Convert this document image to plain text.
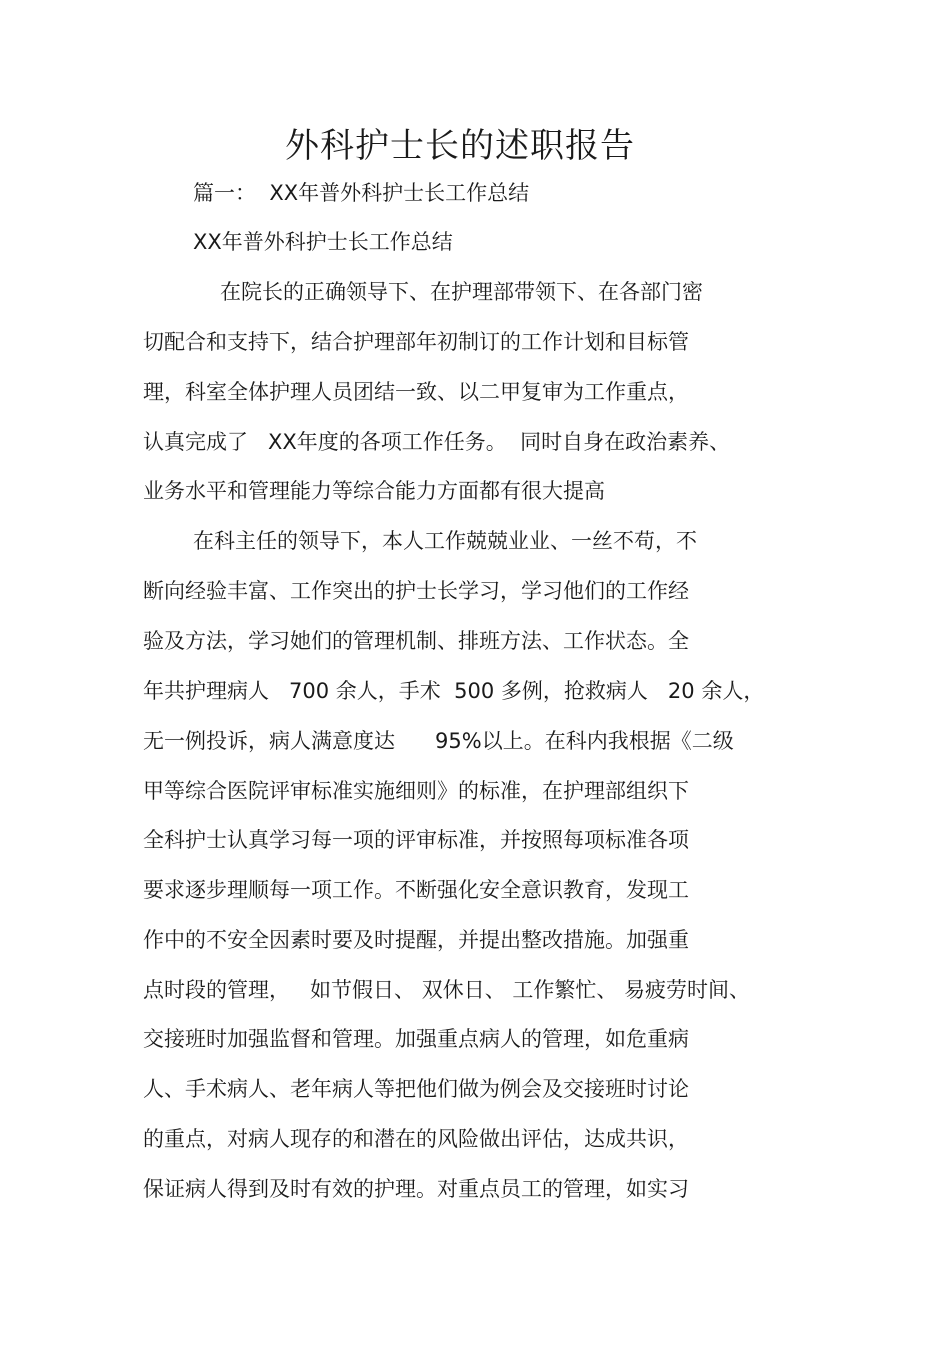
外科护士长的述职报告

篇一：  XX年普外科护士长工作总结

XX年普外科护士长工作总结

在院长的正确领导下、在护理部带领下、在各部门密

切配合和支持下，结合护理部年初制订的工作计划和目标管

理，科室全体护理人员团结一致、以二甲复审为工作重点，

认真完成了   XX年度的各项工作任务。  同时自身在政治素养、

业务水平和管理能力等综合能力方面都有很大提高

在科主任的领导下，本人工作兢兢业业、一丝不苟，不

断向经验丰富、工作突出的护士长学习，学习他们的工作经

验及方法，学习她们的管理机制、排班方法、工作状态。全

年共护理病人   700 余人，手术  500 多例，抢救病人   20 余人，

无一例投诉，病人满意度达      95%以上。在科内我根据《二级

甲等综合医院评审标准实施细则》的标准，在护理部组织下

全科护士认真学习每一项的评审标准，并按照每项标准各项

要求逐步理顺每一项工作。不断强化安全意识教育，发现工

作中的不安全因素时要及时提醒，并提出整改措施。加强重

点时段的管理，   如节假日、 双休日、 工作繁忙、 易疲劳时间、

交接班时加强监督和管理。加强重点病人的管理，如危重病

人、手术病人、老年病人等把他们做为例会及交接班时讨论

的重点，对病人现存的和潜在的风险做出评估，达成共识，

保证病人得到及时有效的护理。对重点员工的管理，如实习
